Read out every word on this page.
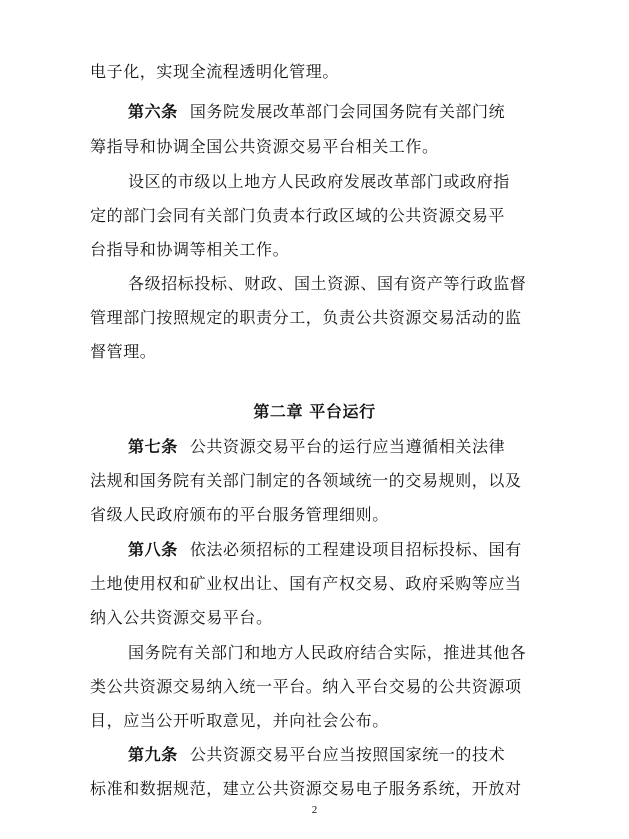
电子化，实现全流程透明化管理。
第六条 国务院发展改革部门会同国务院有关部门统
筹指导和协调全国公共资源交易平台相关工作。
设区的市级以上地方人民政府发展改革部门或政府指
定的部门会同有关部门负责本行政区域的公共资源交易平
台指导和协调等相关工作。
各级招标投标、财政、国土资源、国有资产等行政监督
管理部门按照规定的职责分工，负责公共资源交易活动的监
督管理。
第二章 平台运行
第七条 公共资源交易平台的运行应当遵循相关法律
法规和国务院有关部门制定的各领域统一的交易规则，以及
省级人民政府颁布的平台服务管理细则。
第八条 依法必须招标的工程建设项目招标投标、国有
土地使用权和矿业权出让、国有产权交易、政府采购等应当
纳入公共资源交易平台。
国务院有关部门和地方人民政府结合实际，推进其他各
类公共资源交易纳入统一平台。纳入平台交易的公共资源项
目，应当公开听取意见，并向社会公布。
第九条 公共资源交易平台应当按照国家统一的技术
标准和数据规范，建立公共资源交易电子服务系统，开放对
2
